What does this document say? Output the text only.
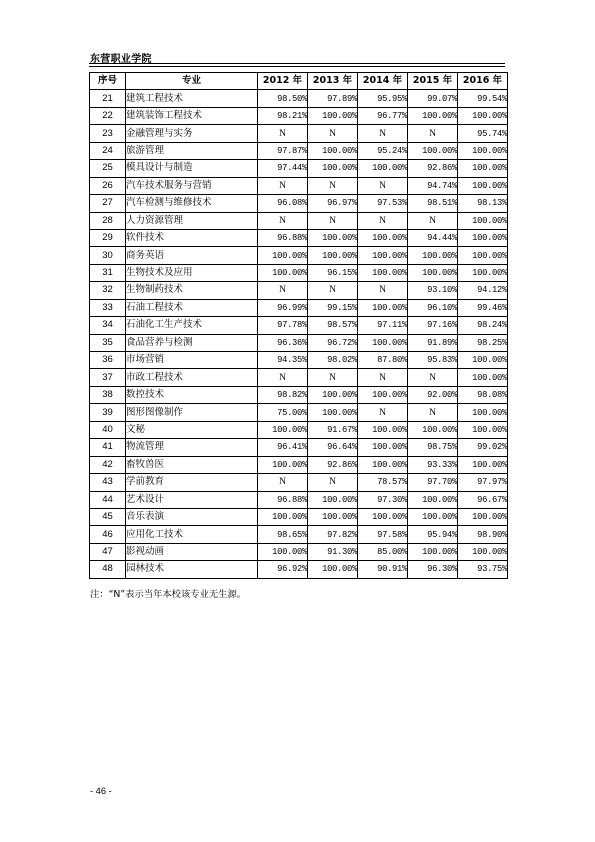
东营职业学院
序号	专业	2012 年	2013 年	2014 年	2015 年	2016 年
21	建筑工程技术	98.50%	97.89%	95.95%	99.07%	99.54%
22	建筑装饰工程技术	98.21%	100.00%	96.77%	100.00%	100.00%
23	金融管理与实务	N	N	N	N	95.74%
24	旅游管理	97.87%	100.00%	95.24%	100.00%	100.00%
25	模具设计与制造	97.44%	100.00%	100.00%	92.86%	100.00%
26	汽车技术服务与营销	N	N	N	94.74%	100.00%
27	汽车检测与维修技术	96.08%	96.97%	97.53%	98.51%	98.13%
28	人力资源管理	N	N	N	N	100.00%
29	软件技术	96.88%	100.00%	100.00%	94.44%	100.00%
30	商务英语	100.00%	100.00%	100.00%	100.00%	100.00%
31	生物技术及应用	100.00%	96.15%	100.00%	100.00%	100.00%
32	生物制药技术	N	N	N	93.10%	94.12%
33	石油工程技术	96.99%	99.15%	100.00%	96.10%	99.46%
34	石油化工生产技术	97.78%	98.57%	97.11%	97.16%	98.24%
35	食品营养与检测	96.36%	96.72%	100.00%	91.89%	98.25%
36	市场营销	94.35%	98.02%	87.80%	95.83%	100.00%
37	市政工程技术	N	N	N	N	100.00%
38	数控技术	98.82%	100.00%	100.00%	92.00%	98.08%
39	图形图像制作	75.00%	100.00%	N	N	100.00%
40	文秘	100.00%	91.67%	100.00%	100.00%	100.00%
41	物流管理	96.41%	96.64%	100.00%	98.75%	99.02%
42	畜牧兽医	100.00%	92.86%	100.00%	93.33%	100.00%
43	学前教育	N	N	78.57%	97.70%	97.97%
44	艺术设计	96.88%	100.00%	97.30%	100.00%	96.67%
45	音乐表演	100.00%	100.00%	100.00%	100.00%	100.00%
46	应用化工技术	98.65%	97.82%	97.58%	95.94%	98.90%
47	影视动画	100.00%	91.30%	85.00%	100.00%	100.00%
48	园林技术	96.92%	100.00%	90.91%	96.30%	93.75%
注：“N”表示当年本校该专业无生源。
- 46 -
